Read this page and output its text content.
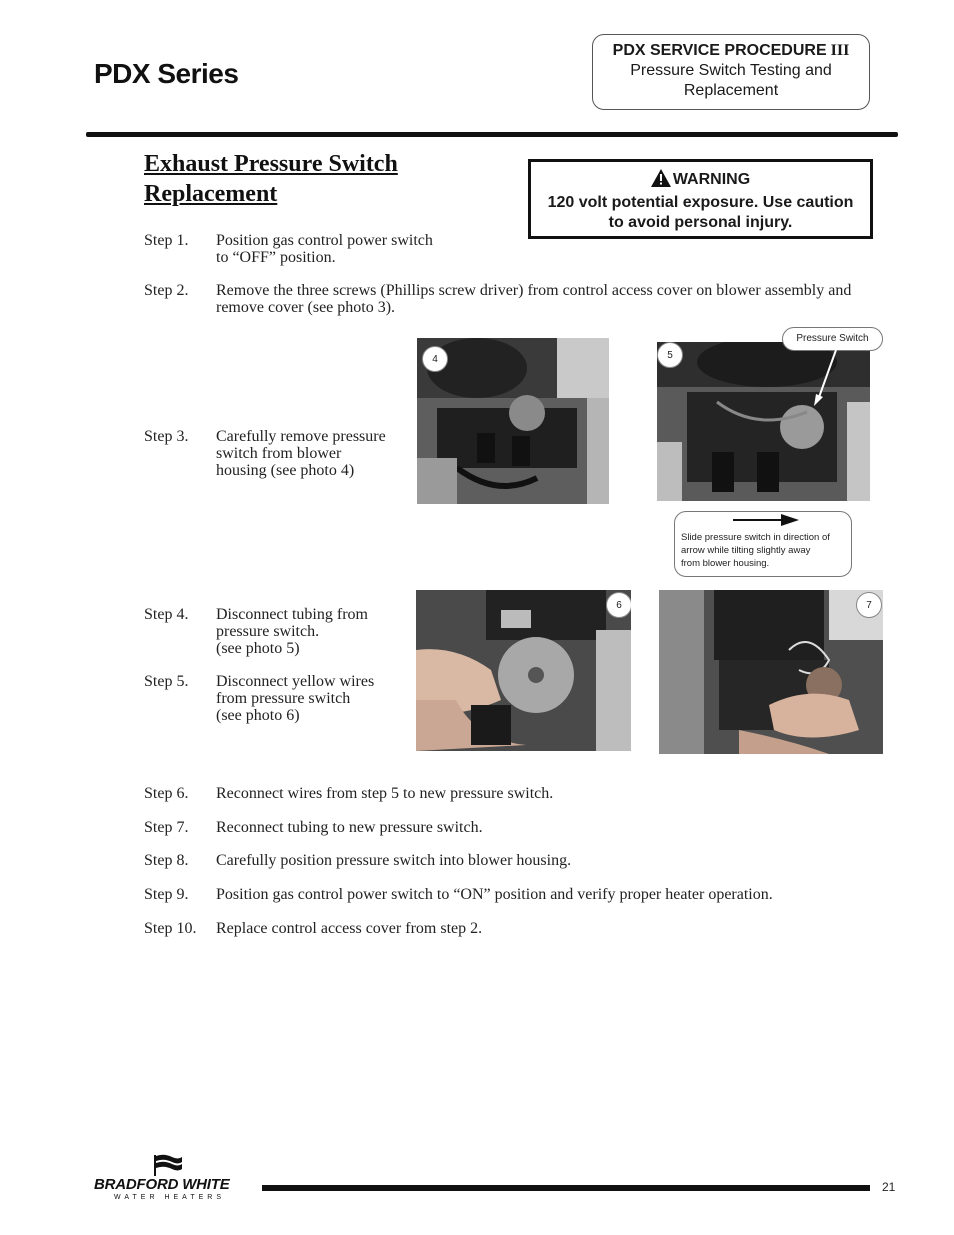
PDX Series
PDX SERVICE PROCEDURE III
Pressure Switch Testing and
Replacement
Exhaust Pressure Switch
Replacement
WARNING
120 volt potential exposure. Use caution
to avoid personal injury.
Step 1.	Position gas control power switch
to “OFF” position.
Step 2.	Remove the three screws (Phillips screw driver) from control access cover on blower assembly and
remove cover (see photo 3).
Step 3.	Carefully remove pressure
switch from blower
housing (see photo 4)
Step 4.	Disconnect tubing from
pressure switch.
(see photo 5)
Step 5.	Disconnect yellow wires
from pressure switch
(see photo 6)
Step 6.	Reconnect wires from step 5 to new pressure switch.
Step 7.	Reconnect tubing to new pressure switch.
Step 8.	Carefully position pressure switch into blower housing.
Step 9.	Position gas control power switch to “ON” position and verify proper heater operation.
Step 10.	Replace control access cover from step 2.
4	5
Pressure Switch
Slide pressure switch in direction of
arrow while tilting slightly away
from blower housing.
6	7
BRADFORD WHITE
WATER HEATERS
21
